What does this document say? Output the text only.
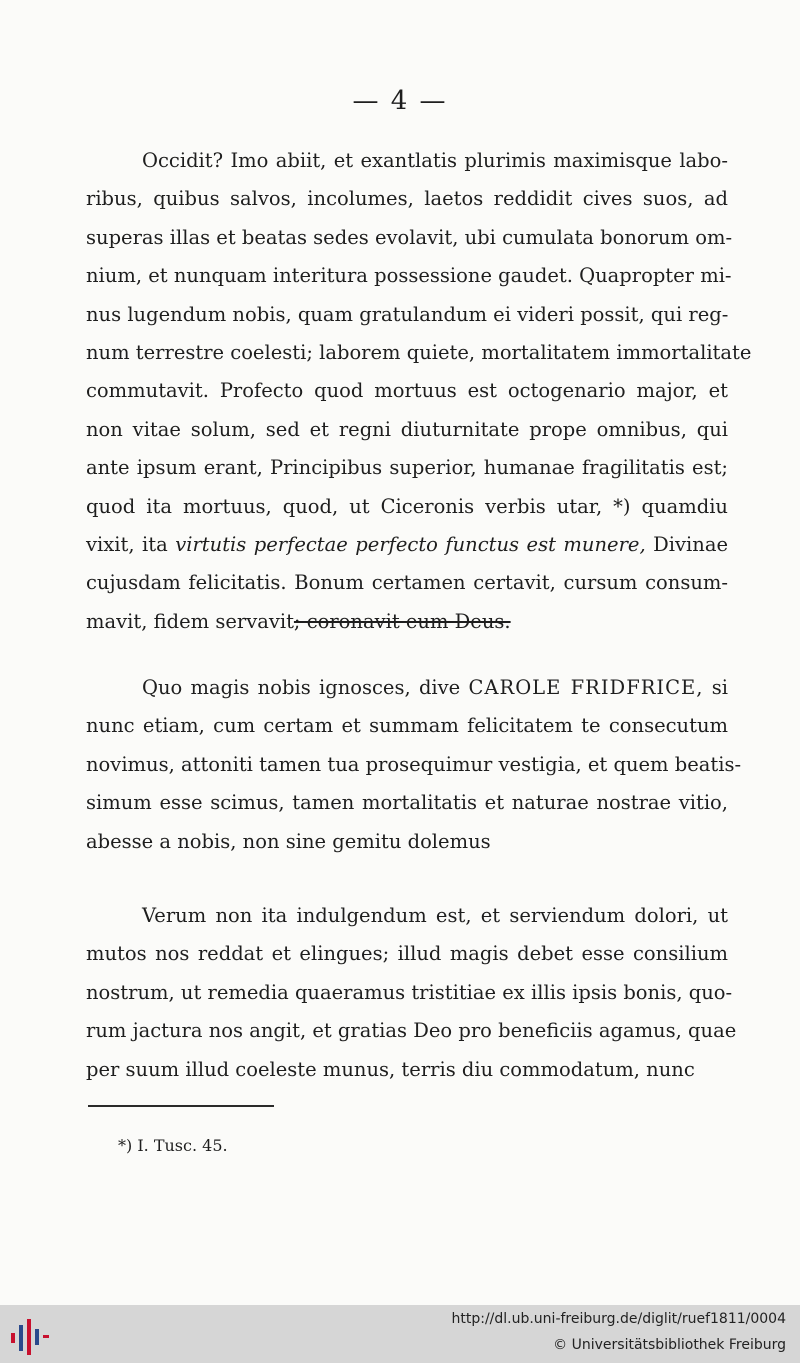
— 4 —
Occidit? Imo abiit, et exantlatis plurimis maximisque labo-
ribus, quibus salvos, incolumes, laetos reddidit cives suos, ad
superas illas et beatas sedes evolavit, ubi cumulata bonorum om-
nium, et nunquam interitura possessione gaudet. Quapropter mi-
nus lugendum nobis, quam gratulandum ei videri possit, qui reg-
num terrestre coelesti; laborem quiete, mortalitatem immortalitate
commutavit. Profecto quod mortuus est octogenario major, et
non vitae solum, sed et regni diuturnitate prope omnibus, qui
ante ipsum erant, Principibus superior, humanae fragilitatis est;
quod ita mortuus, quod, ut Ciceronis verbis utar, *) quamdiu
vixit, ita virtutis perfectae perfecto functus est munere, Divinae
cujusdam felicitatis. Bonum certamen certavit, cursum consum-
mavit, fidem servavit; coronavit eum Deus.
Quo magis nobis ignosces, dive CAROLE FRIDFRICE, si
nunc etiam, cum certam et summam felicitatem te consecutum
novimus, attoniti tamen tua prosequimur vestigia, et quem beatis-
simum esse scimus, tamen mortalitatis et naturae nostrae vitio,
abesse a nobis, non sine gemitu dolemus
Verum non ita indulgendum est, et serviendum dolori, ut
mutos nos reddat et elingues; illud magis debet esse consilium
nostrum, ut remedia quaeramus tristitiae ex illis ipsis bonis, quo-
rum jactura nos angit, et gratias Deo pro beneficiis agamus, quae
per suum illud coeleste munus, terris diu commodatum, nunc
*) I. Tusc. 45.
http://dl.ub.uni-freiburg.de/diglit/ruef1811/0004
© Universitätsbibliothek Freiburg
